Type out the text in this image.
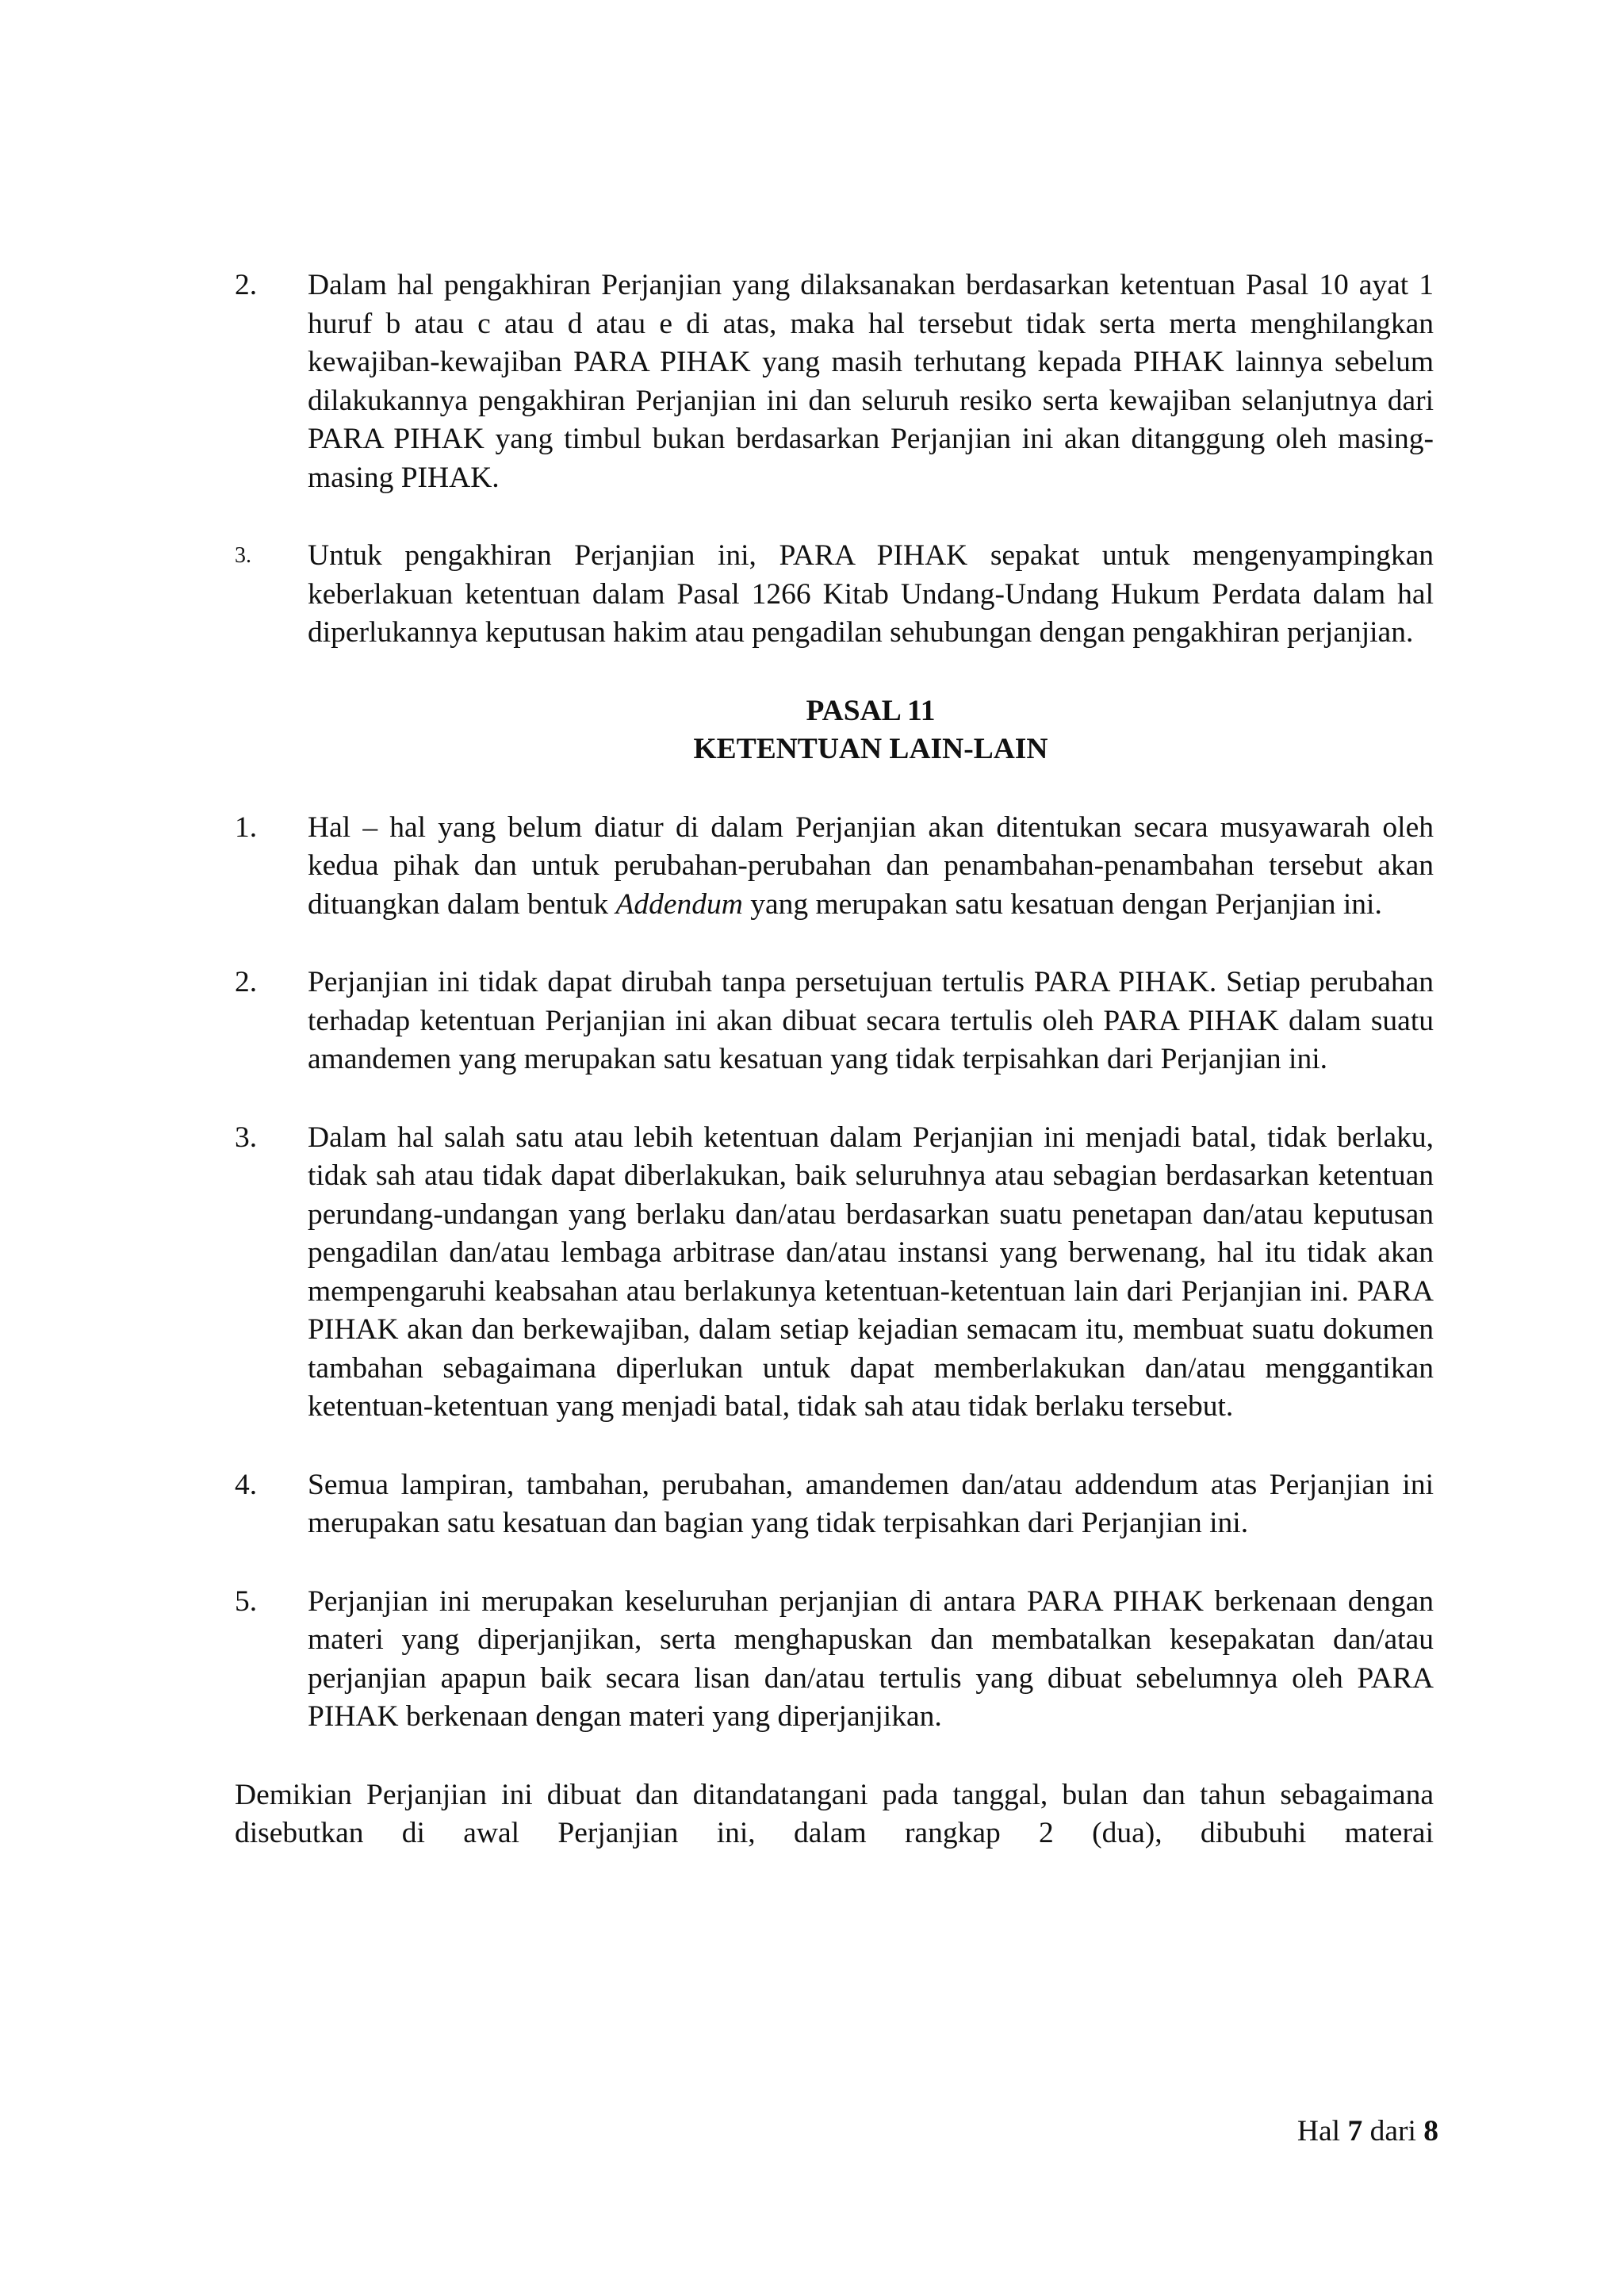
2. Dalam hal pengakhiran Perjanjian yang dilaksanakan berdasarkan ketentuan Pasal 10 ayat 1 huruf b atau c atau d atau e di atas, maka hal tersebut tidak serta merta menghilangkan kewajiban-kewajiban PARA PIHAK yang masih terhutang kepada PIHAK lainnya sebelum dilakukannya pengakhiran Perjanjian ini dan seluruh resiko serta kewajiban selanjutnya dari PARA PIHAK yang timbul bukan berdasarkan Perjanjian ini akan ditanggung oleh masing-masing PIHAK.
3. Untuk pengakhiran Perjanjian ini, PARA PIHAK sepakat untuk mengenyampingkan keberlakuan ketentuan dalam Pasal 1266 Kitab Undang-Undang Hukum Perdata dalam hal diperlukannya keputusan hakim atau pengadilan sehubungan dengan pengakhiran perjanjian.

PASAL 11

KETENTUAN LAIN-LAIN

1. Hal – hal yang belum diatur di dalam Perjanjian akan ditentukan secara musyawarah oleh kedua pihak dan untuk perubahan-perubahan dan penambahan-penambahan tersebut akan dituangkan dalam bentuk Addendum yang merupakan satu kesatuan dengan Perjanjian ini.
2. Perjanjian ini tidak dapat dirubah tanpa persetujuan tertulis PARA PIHAK. Setiap perubahan terhadap ketentuan Perjanjian ini akan dibuat secara tertulis oleh PARA PIHAK dalam suatu amandemen yang merupakan satu kesatuan yang tidak terpisahkan dari Perjanjian ini.
3. Dalam hal salah satu atau lebih ketentuan dalam Perjanjian ini menjadi batal, tidak berlaku, tidak sah atau tidak dapat diberlakukan, baik seluruhnya atau sebagian berdasarkan ketentuan perundang-undangan yang berlaku dan/atau berdasarkan suatu penetapan dan/atau keputusan pengadilan dan/atau lembaga arbitrase dan/atau instansi yang berwenang, hal itu tidak akan mempengaruhi keabsahan atau berlakunya ketentuan-ketentuan lain dari Perjanjian ini. PARA PIHAK akan dan berkewajiban, dalam setiap kejadian semacam itu, membuat suatu dokumen tambahan sebagaimana diperlukan untuk dapat memberlakukan dan/atau menggantikan ketentuan-ketentuan yang menjadi batal, tidak sah atau tidak berlaku tersebut.
4. Semua lampiran, tambahan, perubahan, amandemen dan/atau addendum atas Perjanjian ini merupakan satu kesatuan dan bagian yang tidak terpisahkan dari Perjanjian ini.
5. Perjanjian ini merupakan keseluruhan perjanjian di antara PARA PIHAK berkenaan dengan materi yang diperjanjikan, serta menghapuskan dan membatalkan kesepakatan dan/atau perjanjian apapun baik secara lisan dan/atau tertulis yang dibuat sebelumnya oleh PARA PIHAK berkenaan dengan materi yang diperjanjikan.

Demikian Perjanjian ini dibuat dan ditandatangani pada tanggal, bulan dan tahun sebagaimana disebutkan di awal Perjanjian ini, dalam rangkap 2 (dua), dibubuhi materai

Hal 7 dari 8
